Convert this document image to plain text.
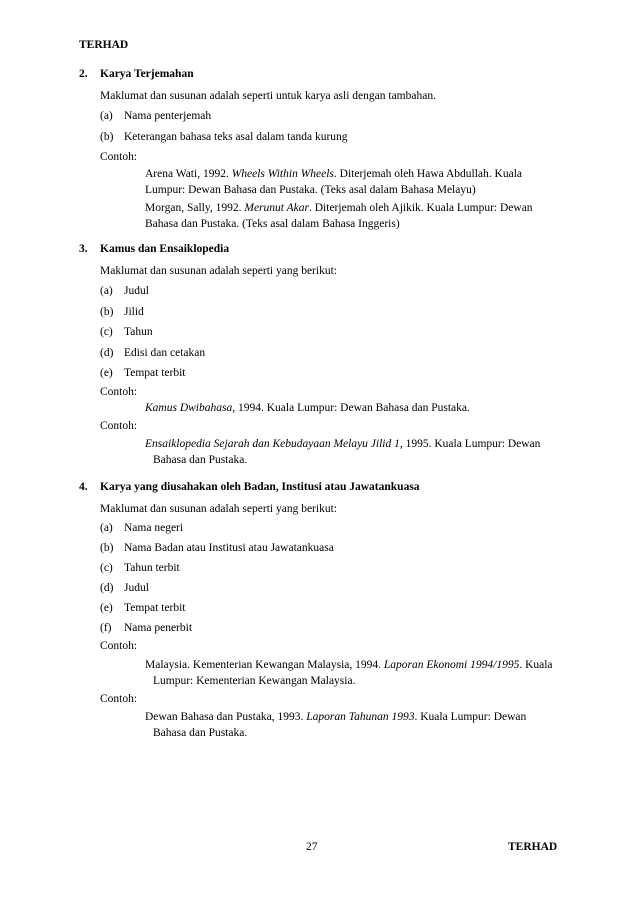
TERHAD
2. Karya Terjemahan
Maklumat dan susunan adalah seperti untuk karya asli dengan tambahan.
(a) Nama penterjemah
(b) Keterangan bahasa teks asal dalam tanda kurung
Contoh:
Arena Wati, 1992. Wheels Within Wheels. Diterjemah oleh Hawa Abdullah. Kuala
Lumpur: Dewan Bahasa dan Pustaka. (Teks asal dalam Bahasa Melayu)
Morgan, Sally, 1992. Merunut Akar. Diterjemah oleh Ajikik. Kuala Lumpur: Dewan
Bahasa dan Pustaka. (Teks asal dalam Bahasa Inggeris)
3. Kamus dan Ensaiklopedia
Maklumat dan susunan adalah seperti yang berikut:
(a) Judul
(b) Jilid
(c) Tahun
(d) Edisi dan cetakan
(e) Tempat terbit
Contoh:
Kamus Dwibahasa, 1994. Kuala Lumpur: Dewan Bahasa dan Pustaka.
Contoh:
Ensaiklopedia Sejarah dan Kebudayaan Melayu Jilid 1, 1995. Kuala Lumpur: Dewan
Bahasa dan Pustaka.
4. Karya yang diusahakan oleh Badan, Institusi atau Jawatankuasa
Maklumat dan susunan adalah seperti yang berikut:
(a) Nama negeri
(b) Nama Badan atau Institusi atau Jawatankuasa
(c) Tahun terbit
(d) Judul
(e) Tempat terbit
(f) Nama penerbit
Contoh:
Malaysia. Kementerian Kewangan Malaysia, 1994. Laporan Ekonomi 1994/1995. Kuala
Lumpur: Kementerian Kewangan Malaysia.
Contoh:
Dewan Bahasa dan Pustaka, 1993. Laporan Tahunan 1993. Kuala Lumpur: Dewan
Bahasa dan Pustaka.
27	TERHAD
